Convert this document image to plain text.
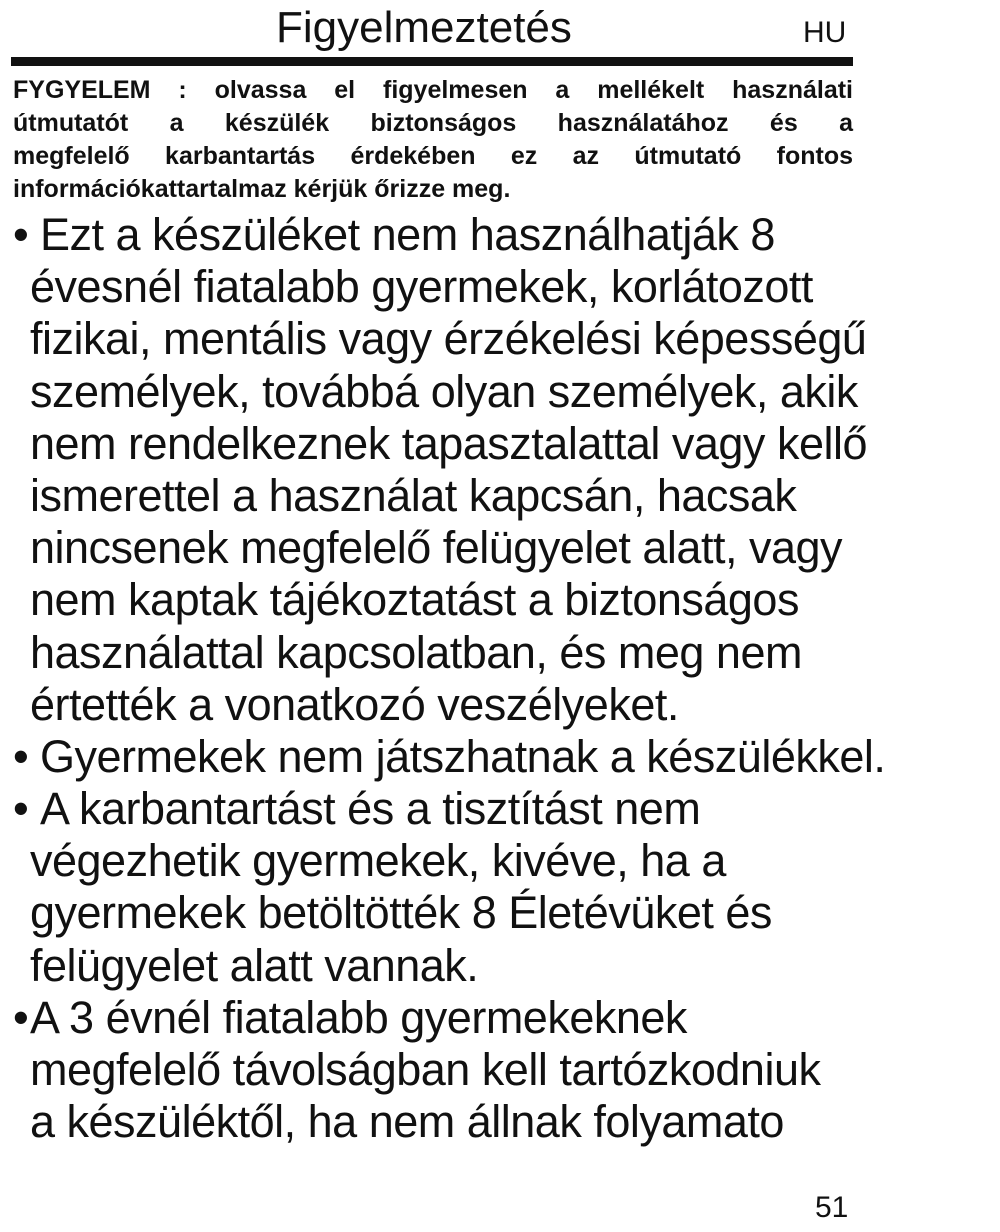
Figyelmeztetés	HU
FYGYELEM : olvassa el figyelmesen a mellékelt használati
útmutatót a készülék biztonságos használatához és a
megfelelő karbantartás érdekében ez az útmutató fontos
információkattartalmaz kérjük őrizze meg.
• Ezt a készüléket nem használhatják 8
évesnél fiatalabb gyermekek, korlátozott
fizikai, mentális vagy érzékelési képességű
személyek, továbbá olyan személyek, akik
nem rendelkeznek tapasztalattal vagy kellő
ismerettel a használat kapcsán, hacsak
nincsenek megfelelő felügyelet alatt, vagy
nem kaptak tájékoztatást a biztonságos
használattal kapcsolatban, és meg nem
értették a vonatkozó veszélyeket.
• Gyermekek nem játszhatnak a készülékkel.
• A karbantartást és a tisztítást nem
végezhetik gyermekek, kivéve, ha a
gyermekek betöltötték 8 Életévüket és
felügyelet alatt vannak.
• A 3 évnél fiatalabb gyermekeknek
megfelelő távolságban kell tartózkodniuk
a készüléktől, ha nem állnak folyamato
51
